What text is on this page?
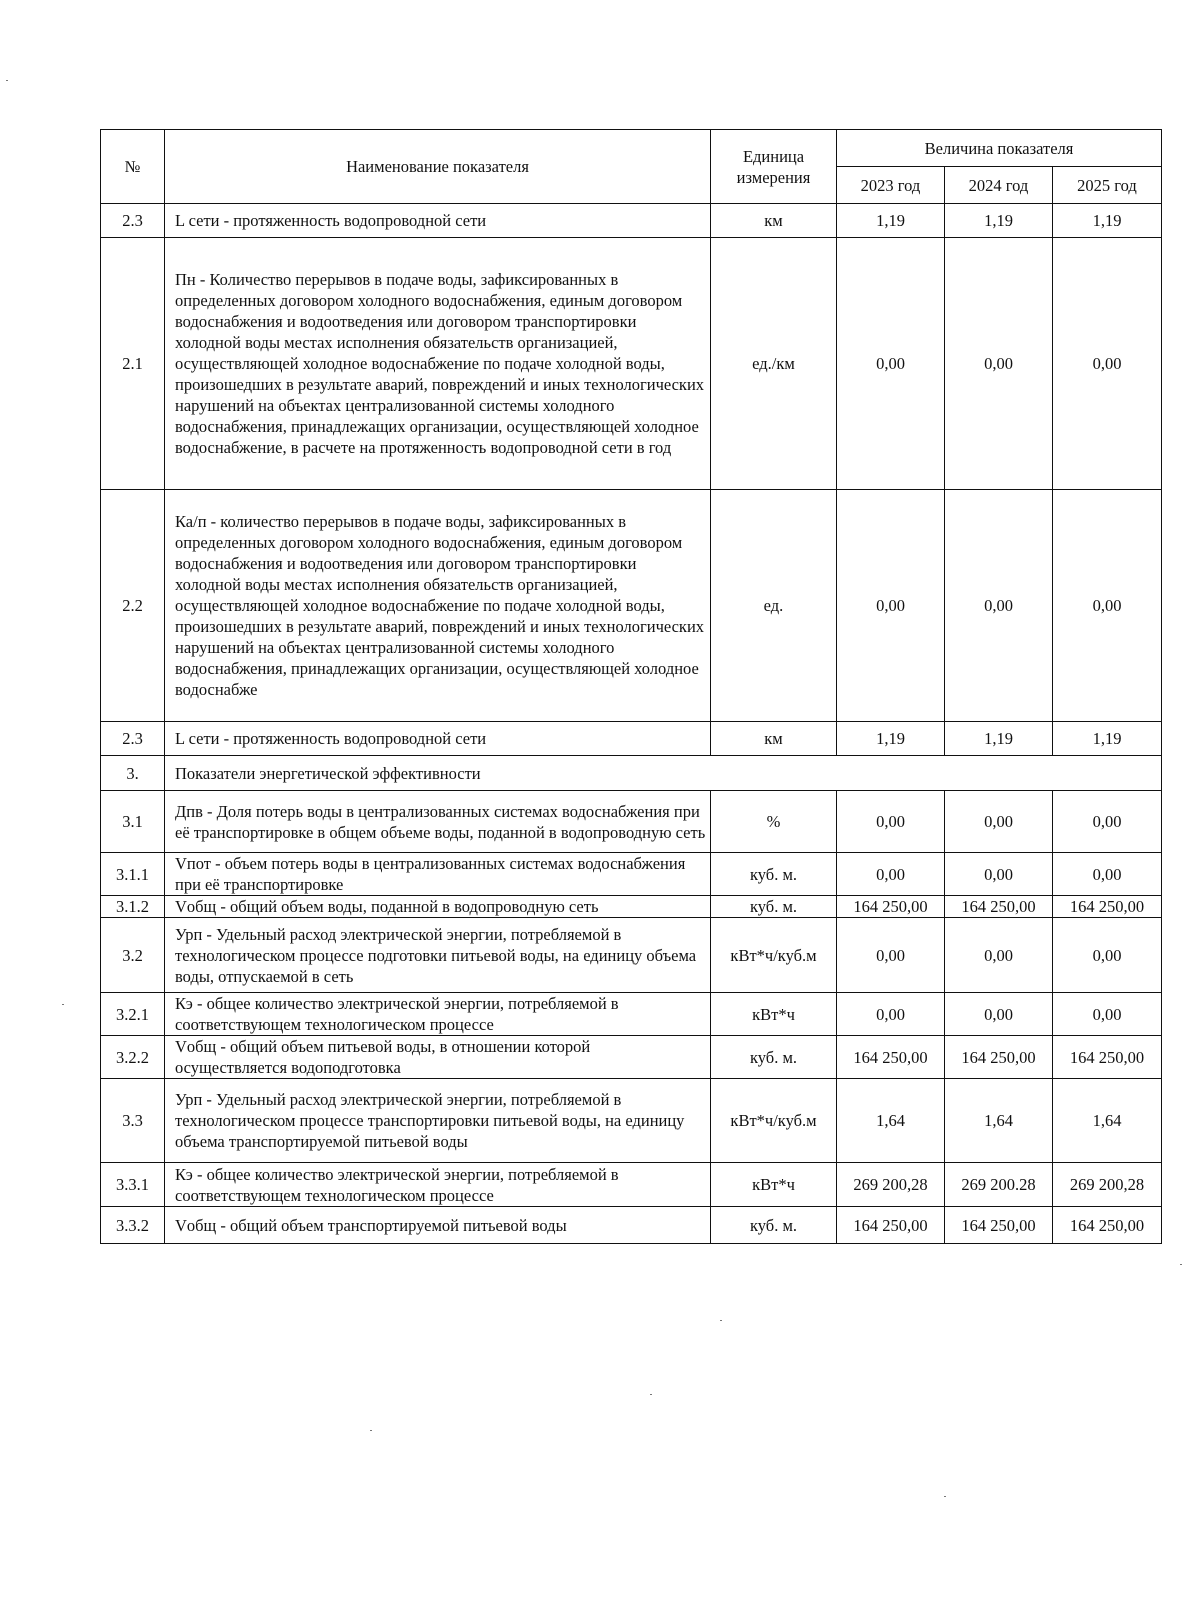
№	Наименование показателя	Единица измерения	Величина показателя		
			2023 год	2024 год	2025 год
2.3	L сети - протяженность водопроводной сети	км	1,19	1,19	1,19
2.1	Пн - Количество перерывов в подаче воды, зафиксированных в определенных договором холодного водоснабжения, единым договором водоснабжения и водоотведения или договором транспортировки холодной воды местах исполнения обязательств организацией, осуществляющей холодное водоснабжение по подаче холодной воды, произошедших в результате аварий, повреждений и иных технологических нарушений на объектах централизованной системы холодного водоснабжения, принадлежащих организации, осуществляющей холодное водоснабжение, в расчете на протяженность водопроводной сети в год	ед./км	0,00	0,00	0,00
2.2	Ка/п - количество перерывов в подаче воды, зафиксированных в определенных договором холодного водоснабжения, единым договором водоснабжения и водоотведения или договором транспортировки холодной воды местах исполнения обязательств организацией, осуществляющей холодное водоснабжение по подаче холодной воды, произошедших в результате аварий, повреждений и иных технологических нарушений на объектах централизованной системы холодного водоснабжения, принадлежащих организации, осуществляющей холодное водоснабже	ед.	0,00	0,00	0,00
2.3	L сети - протяженность водопроводной сети	км	1,19	1,19	1,19
3.	Показатели энергетической эффективности				
3.1	Дпв - Доля потерь воды в централизованных системах водоснабжения при её транспортировке в общем объеме воды, поданной в водопроводную сеть	%	0,00	0,00	0,00
3.1.1	Vпот - объем потерь воды в централизованных системах водоснабжения при её транспортировке	куб. м.	0,00	0,00	0,00
3.1.2	Vобщ - общий объем воды, поданной в водопроводную сеть	куб. м.	164 250,00	164 250,00	164 250,00
3.2	Урп - Удельный расход электрической энергии, потребляемой в технологическом процессе подготовки питьевой воды, на единицу объема воды, отпускаемой в сеть	кВт*ч/куб.м	0,00	0,00	0,00
3.2.1	Кэ - общее количество электрической энергии, потребляемой в соответствующем технологическом процессе	кВт*ч	0,00	0,00	0,00
3.2.2	Vобщ - общий объем питьевой воды, в отношении которой осуществляется водоподготовка	куб. м.	164 250,00	164 250,00	164 250,00
3.3	Урп - Удельный расход электрической энергии, потребляемой в технологическом процессе транспортировки питьевой воды, на единицу объема транспортируемой питьевой воды	кВт*ч/куб.м	1,64	1,64	1,64
3.3.1	Кэ - общее количество электрической энергии, потребляемой в соответствующем технологическом процессе	кВт*ч	269 200,28	269 200.28	269 200,28
3.3.2	Vобщ - общий объем транспортируемой питьевой воды	куб. м.	164 250,00	164 250,00	164 250,00
